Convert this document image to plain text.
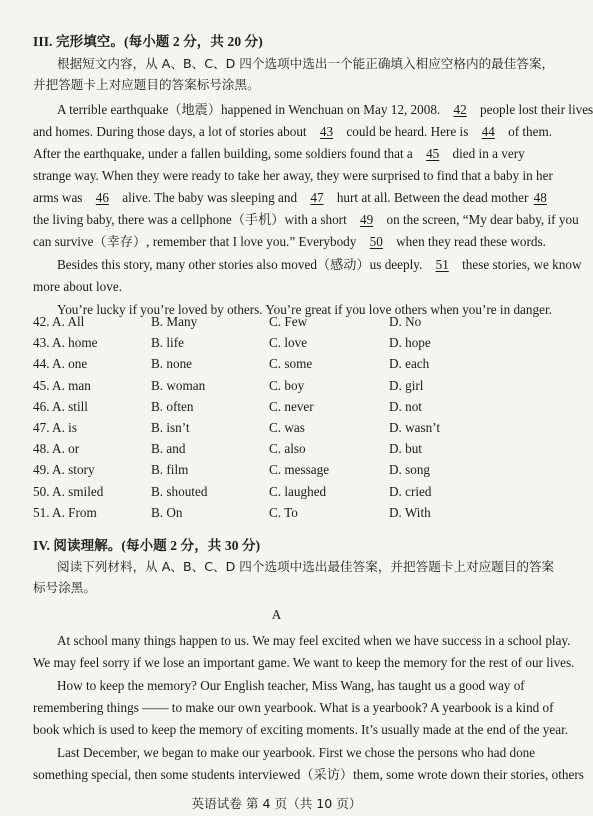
III. 完形填空。(每小题 2 分，共 20 分)
根据短文内容，从 A、B、C、D 四个选项中选出一个能正确填入相应空格内的最佳答案，
并把答题卡上对应题目的答案标号涂黑。
A terrible earthquake（地震）happened in Wenchuan on May 12, 2008. 42 people lost their lives
and homes. During those days, a lot of stories about 43 could be heard. Here is 44 of them.
After the earthquake, under a fallen building, some soldiers found that a 45 died in a very
strange way. When they were ready to take her away, they were surprised to find that a baby in her
arms was 46 alive. The baby was sleeping and 47 hurt at all. Between the dead mother 48
the living baby, there was a cellphone（手机）with a short 49 on the screen, “My dear baby, if you
can survive（幸存）, remember that I love you.” Everybody 50 when they read these words.
Besides this story, many other stories also moved（感动）us deeply. 51 these stories, we know
more about love.
You’re lucky if you’re loved by others. You’re great if you love others when you’re in danger.
42. A. All	B. Many	C. Few	D. No
43. A. home	B. life	C. love	D. hope
44. A. one	B. none	C. some	D. each
45. A. man	B. woman	C. boy	D. girl
46. A. still	B. often	C. never	D. not
47. A. is	B. isn’t	C. was	D. wasn’t
48. A. or	B. and	C. also	D. but
49. A. story	B. film	C. message	D. song
50. A. smiled	B. shouted	C. laughed	D. cried
51. A. From	B. On	C. To	D. With
IV. 阅读理解。(每小题 2 分，共 30 分)
阅读下列材料，从 A、B、C、D 四个选项中选出最佳答案，并把答题卡上对应题目的答案
标号涂黑。
A
At school many things happen to us. We may feel excited when we have success in a school play.
We may feel sorry if we lose an important game. We want to keep the memory for the rest of our lives.
How to keep the memory? Our English teacher, Miss Wang, has taught us a good way of
remembering things —— to make our own yearbook. What is a yearbook? A yearbook is a kind of
book which is used to keep the memory of exciting moments. It’s usually made at the end of the year.
Last December, we began to make our yearbook. First we chose the persons who had done
something special, then some students interviewed（采访）them, some wrote down their stories, others
英语试卷 第 4 页（共 10 页）
